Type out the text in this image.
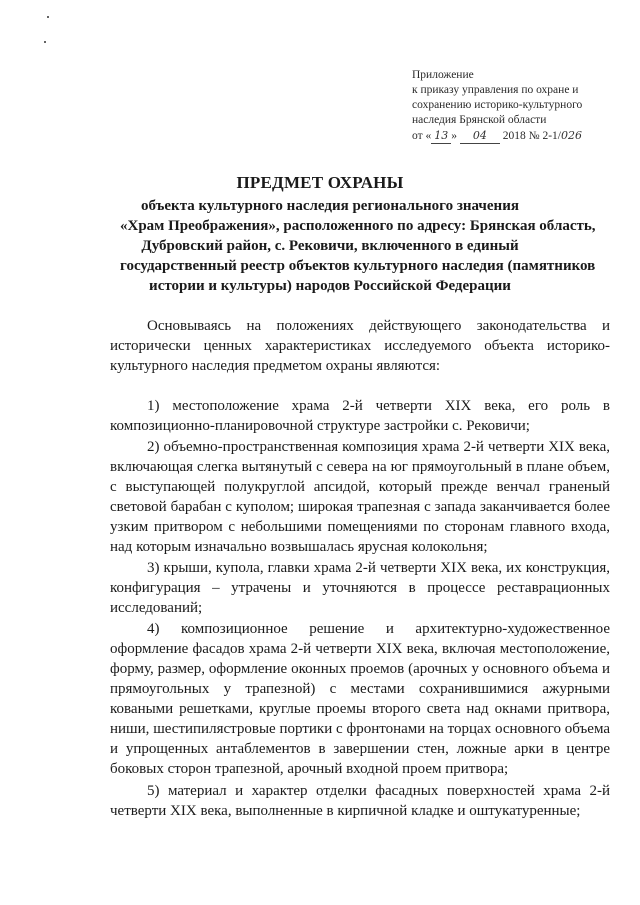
Приложение
к приказу управления по охране и
сохранению историко-культурного
наследия Брянской области
от « 13 » 04 2018 № 2-1/026
ПРЕДМЕТ ОХРАНЫ
объекта культурного наследия регионального значения
«Храм Преображения», расположенного по адресу: Брянская область,
Дубровский район, с. Рековичи, включенного в единый
государственный реестр объектов культурного наследия (памятников
истории и культуры) народов Российской Федерации
Основываясь на положениях действующего законодательства и исторически ценных характеристиках исследуемого объекта историко-культурного наследия предметом охраны являются:
1) местоположение храма 2-й четверти XIX века, его роль в композиционно-планировочной структуре застройки с. Рековичи;
2) объемно-пространственная композиция храма 2-й четверти XIX века, включающая слегка вытянутый с севера на юг прямоугольный в плане объем, с выступающей полукруглой апсидой, который прежде венчал граненый световой барабан с куполом; широкая трапезная с запада заканчивается более узким притвором с небольшими помещениями по сторонам главного входа, над которым изначально возвышалась ярусная колокольня;
3) крыши, купола, главки храма 2-й четверти XIX века, их конструкция, конфигурация – утрачены и уточняются в процессе реставрационных исследований;
4) композиционное решение и архитектурно-художественное оформление фасадов храма 2-й четверти XIX века, включая местоположение, форму, размер, оформление оконных проемов (арочных у основного объема и прямоугольных у трапезной) с местами сохранившимися ажурными коваными решетками, круглые проемы второго света над окнами притвора, ниши, шестипилястровые портики с фронтонами на торцах основного объема и упрощенных антаблементов в завершении стен, ложные арки в центре боковых сторон трапезной, арочный входной проем притвора;
5) материал и характер отделки фасадных поверхностей храма 2-й четверти XIX века, выполненные в кирпичной кладке и оштукатуренные;
